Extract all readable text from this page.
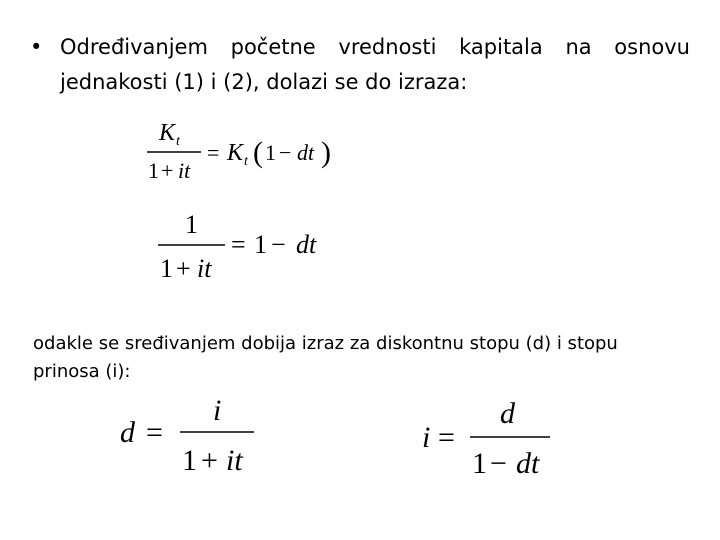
• Određivanjem početne vrednosti kapitala na osnovu jednakosti (1) i (2), dolazi se do izraza:
K t
1 + it
= K t ( 1 − dt )
1
1 + it
= 1 − dt
odakle se sređivanjem dobija izraz za diskontnu stopu (d) i stopu prinosa (i):
d =
i
1 + it
i =
d
1 − dt
